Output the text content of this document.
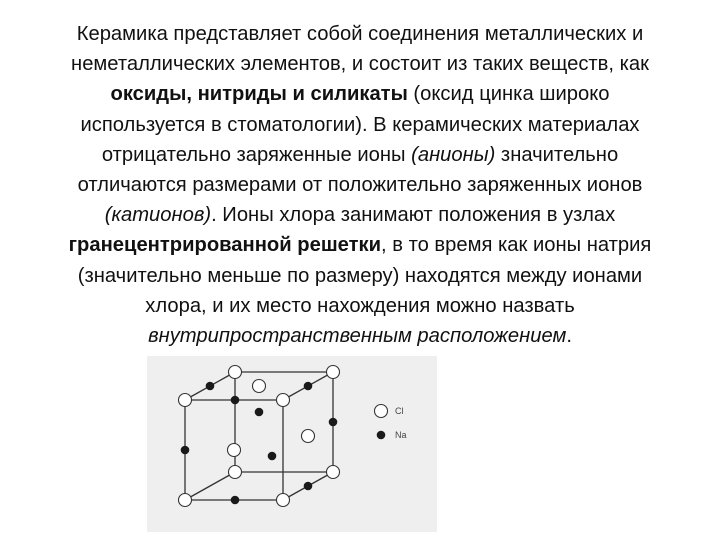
Керамика представляет собой соединения металлических и
неметаллических элементов, и состоит из таких веществ, как
оксиды, нитриды и силикаты (оксид цинка широко
используется в стоматологии). В керамических материалах
отрицательно заряженные ионы (анионы) значительно
отличаются размерами от положительно заряженных ионов
(катионов). Ионы хлора занимают положения в узлах
гранецентрированной решетки, в то время как ионы натрия
(значительно меньше по размеру) находятся между ионами
хлора, и их место нахождения можно назвать
внутрипространственным расположением.

Cl
Na
